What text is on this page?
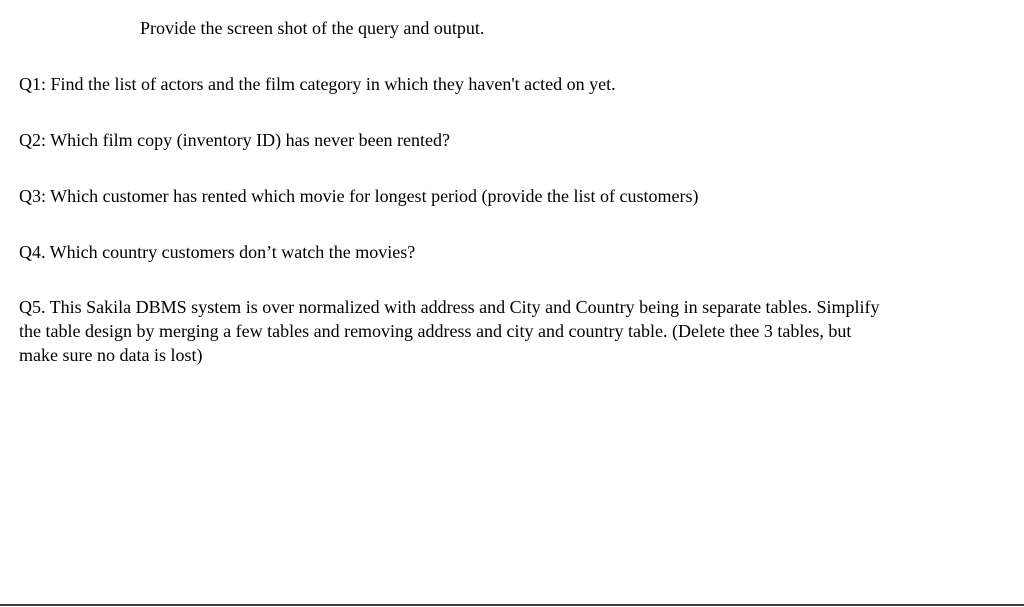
Provide the screen shot of the query and output.
Q1: Find the list of actors and the film category in which they haven't acted on yet.
Q2: Which film copy (inventory ID) has never been rented?
Q3: Which customer has rented which movie for longest period (provide the list of customers)
Q4. Which country customers don’t watch the movies?
Q5. This Sakila DBMS system is over normalized with address and City and Country being in separate tables. Simplify
the table design by merging a few tables and removing address and city and country table. (Delete thee 3 tables, but
make sure no data is lost)
